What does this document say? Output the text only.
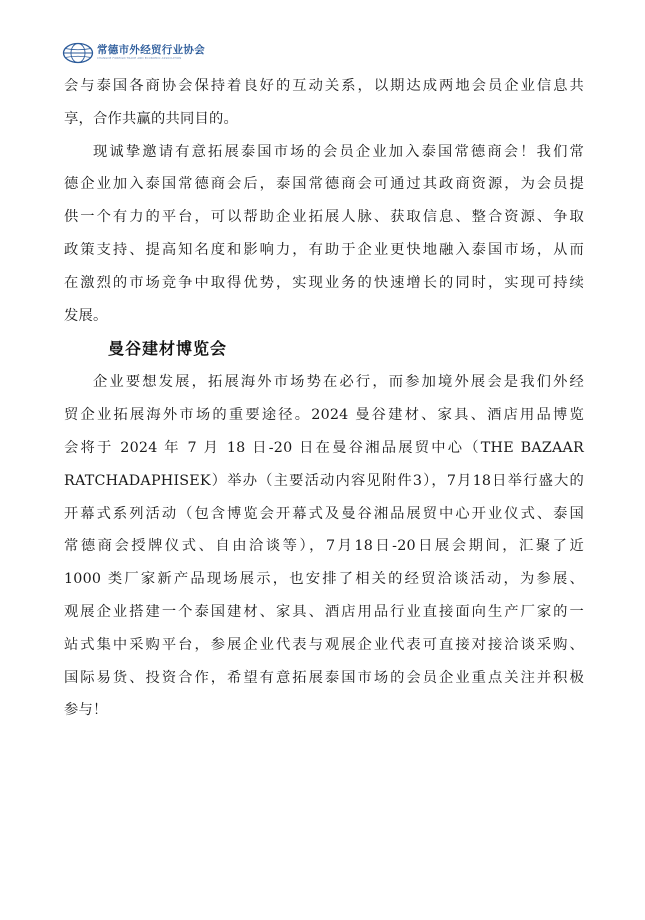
常德市外经贸行业协会
CHANGDE FOREIGN TRADE AND ECONOMIC ASSOCIATION
会与泰国各商协会保持着良好的互动关系，以期达成两地会员企业信息共
享，合作共赢的共同目的。
现诚挚邀请有意拓展泰国市场的会员企业加入泰国常德商会！我们常
德企业加入泰国常德商会后，泰国常德商会可通过其政商资源，为会员提
供一个有力的平台，可以帮助企业拓展人脉、获取信息、整合资源、争取
政策支持、提高知名度和影响力，有助于企业更快地融入泰国市场，从而
在激烈的市场竞争中取得优势，实现业务的快速增长的同时，实现可持续
发展。
曼谷建材博览会
企业要想发展，拓展海外市场势在必行，而参加境外展会是我们外经
贸企业拓展海外市场的重要途径。2024 曼谷建材、家具、酒店用品博览
会将于 2024 年 7 月 18 日-20 日在曼谷湘品展贸中心（THE BAZAAR
RATCHADAPHISEK）举办（主要活动内容见附件3），7月18日举行盛大的
开幕式系列活动（包含博览会开幕式及曼谷湘品展贸中心开业仪式、泰国
常德商会授牌仪式、自由洽谈等），7月18日-20日展会期间，汇聚了近
1000 类厂家新产品现场展示，也安排了相关的经贸洽谈活动，为参展、
观展企业搭建一个泰国建材、家具、酒店用品行业直接面向生产厂家的一
站式集中采购平台，参展企业代表与观展企业代表可直接对接洽谈采购、
国际易货、投资合作，希望有意拓展泰国市场的会员企业重点关注并积极
参与！
